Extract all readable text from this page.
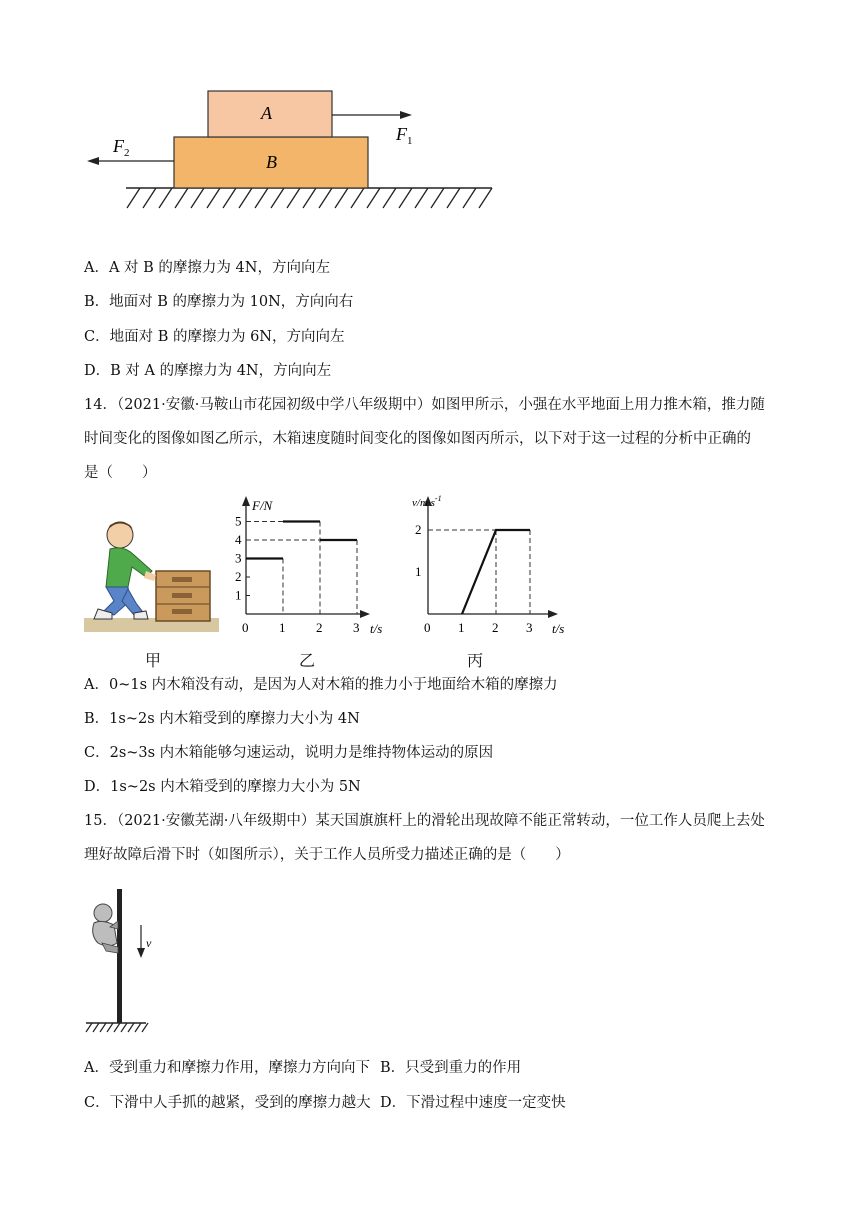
B
A
$F_1$
$F_2$
A．A 对 B 的摩擦力为 4N，方向向左
B．地面对 B 的摩擦力为 10N，方向向右
C．地面对 B 的摩擦力为 6N，方向向左
D．B 对 A 的摩擦力为 4N，方向向左
14．（2021·安徽·马鞍山市花园初级中学八年级期中）如图甲所示，小强在水平地面上用力推木箱，推力随
时间变化的图像如图乙所示，木箱速度随时间变化的图像如图丙所示，以下对于这一过程的分析中正确的
是（　　）
F/N
t/s
0 1 2 3
1
2
3
4
5
$v/m\cdot s^{-1}$
t/s
0 1 2 3
1
2
甲	乙	丙
A．0~1s 内木箱没有动，是因为人对木箱的推力小于地面给木箱的摩擦力
B．1s~2s 内木箱受到的摩擦力大小为 4N
C．2s~3s 内木箱能够匀速运动，说明力是维持物体运动的原因
D．1s~2s 内木箱受到的摩擦力大小为 5N
15．（2021·安徽芜湖·八年级期中）某天国旗旗杆上的滑轮出现故障不能正常转动，一位工作人员爬上去处
理好故障后滑下时（如图所示），关于工作人员所受力描述正确的是（　　）
v
A．受到重力和摩擦力作用，摩擦力方向向下 B．只受到重力的作用
C．下滑中人手抓的越紧，受到的摩擦力越大 D．下滑过程中速度一定变快
